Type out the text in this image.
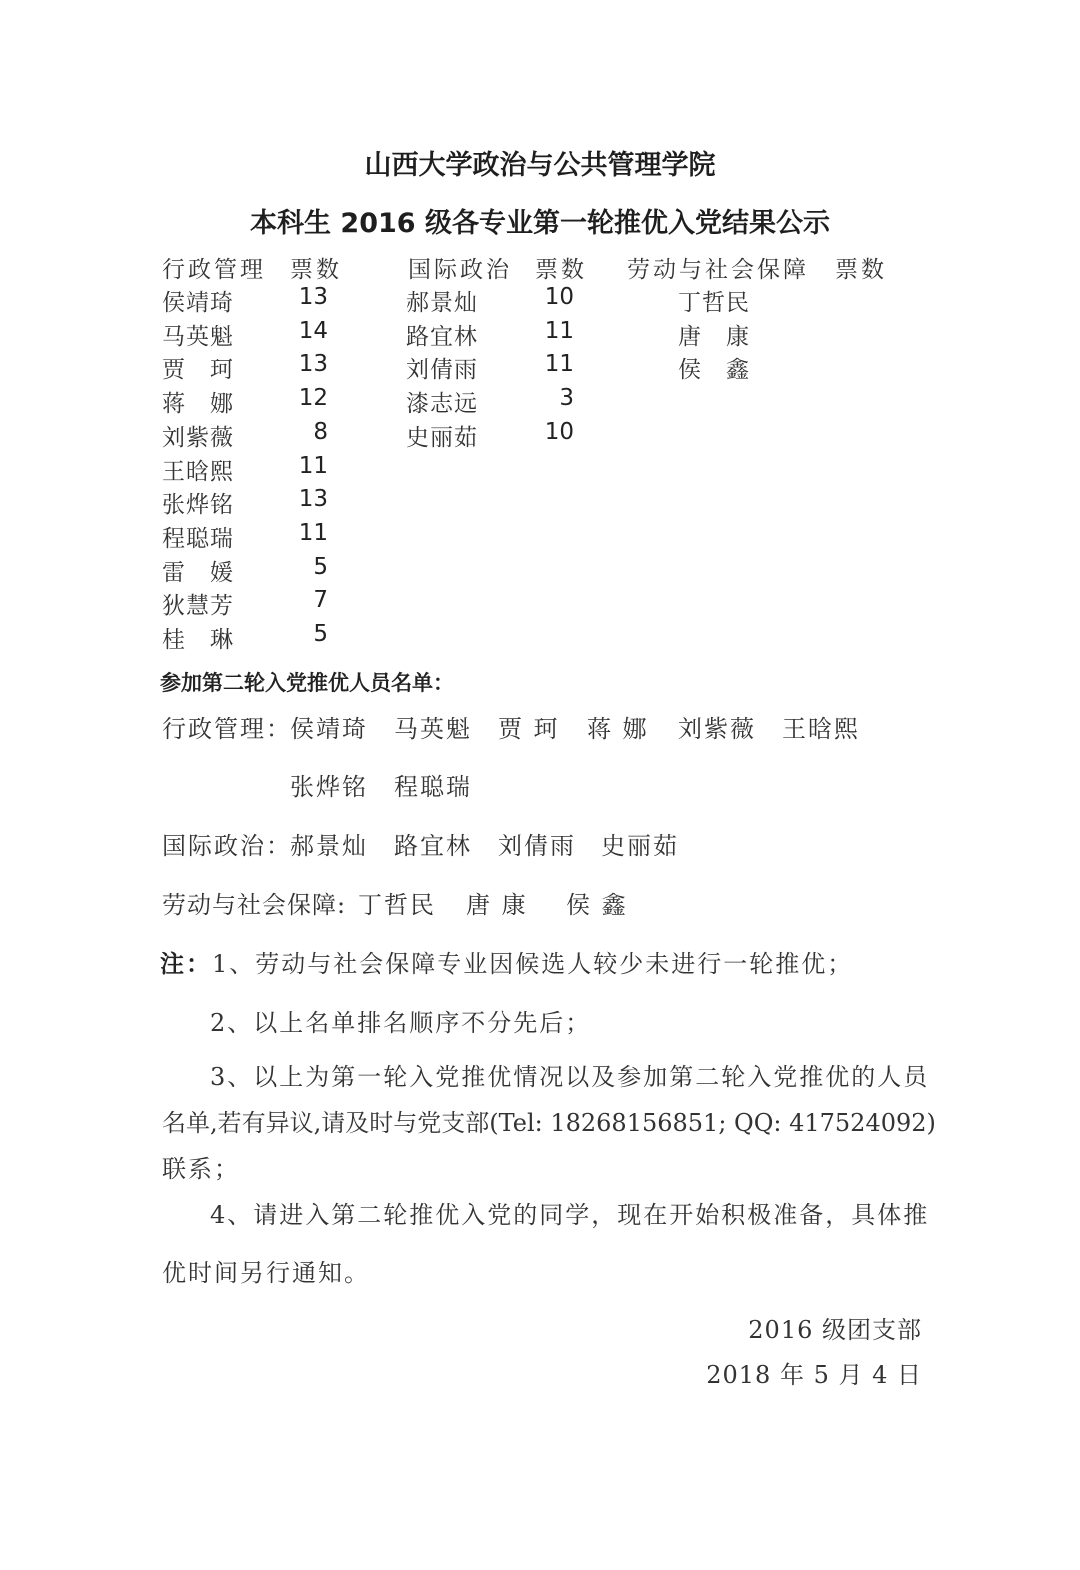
山西大学政治与公共管理学院
本科生 2016 级各专业第一轮推优入党结果公示
行政管理 票数	国际政治 票数 劳动与社会保障 票数
侯靖琦	13
马英魁	14
贾　珂	13
蒋　娜	12
刘紫薇	8
王晗熙	11
张烨铭	13
程聪瑞	11
雷　媛	5
狄慧芳	7
桂　琳	5
郝景灿	10
路宜林	11
刘倩雨	11
漆志远	3
史丽茹	10
丁哲民
唐　康
侯　鑫
参加第二轮入党推优人员名单：
行政管理：
侯靖琦 马英魁 贾 珂 蒋 娜 刘紫薇 王晗熙
张烨铭 程聪瑞
国际政治：
郝景灿 路宜林 刘倩雨 史丽茹
劳动与社会保障: 丁哲民 唐 康 侯 鑫
注：1、劳动与社会保障专业因候选人较少未进行一轮推优；
2、以上名单排名顺序不分先后；
3、以上为第一轮入党推优情况以及参加第二轮入党推优的人员
名单,若有异议,请及时与党支部(Tel: 18268156851; QQ: 417524092)
联系；
4、请进入第二轮推优入党的同学，现在开始积极准备，具体推
优时间另行通知。
2016 级团支部
2018 年 5 月 4 日
